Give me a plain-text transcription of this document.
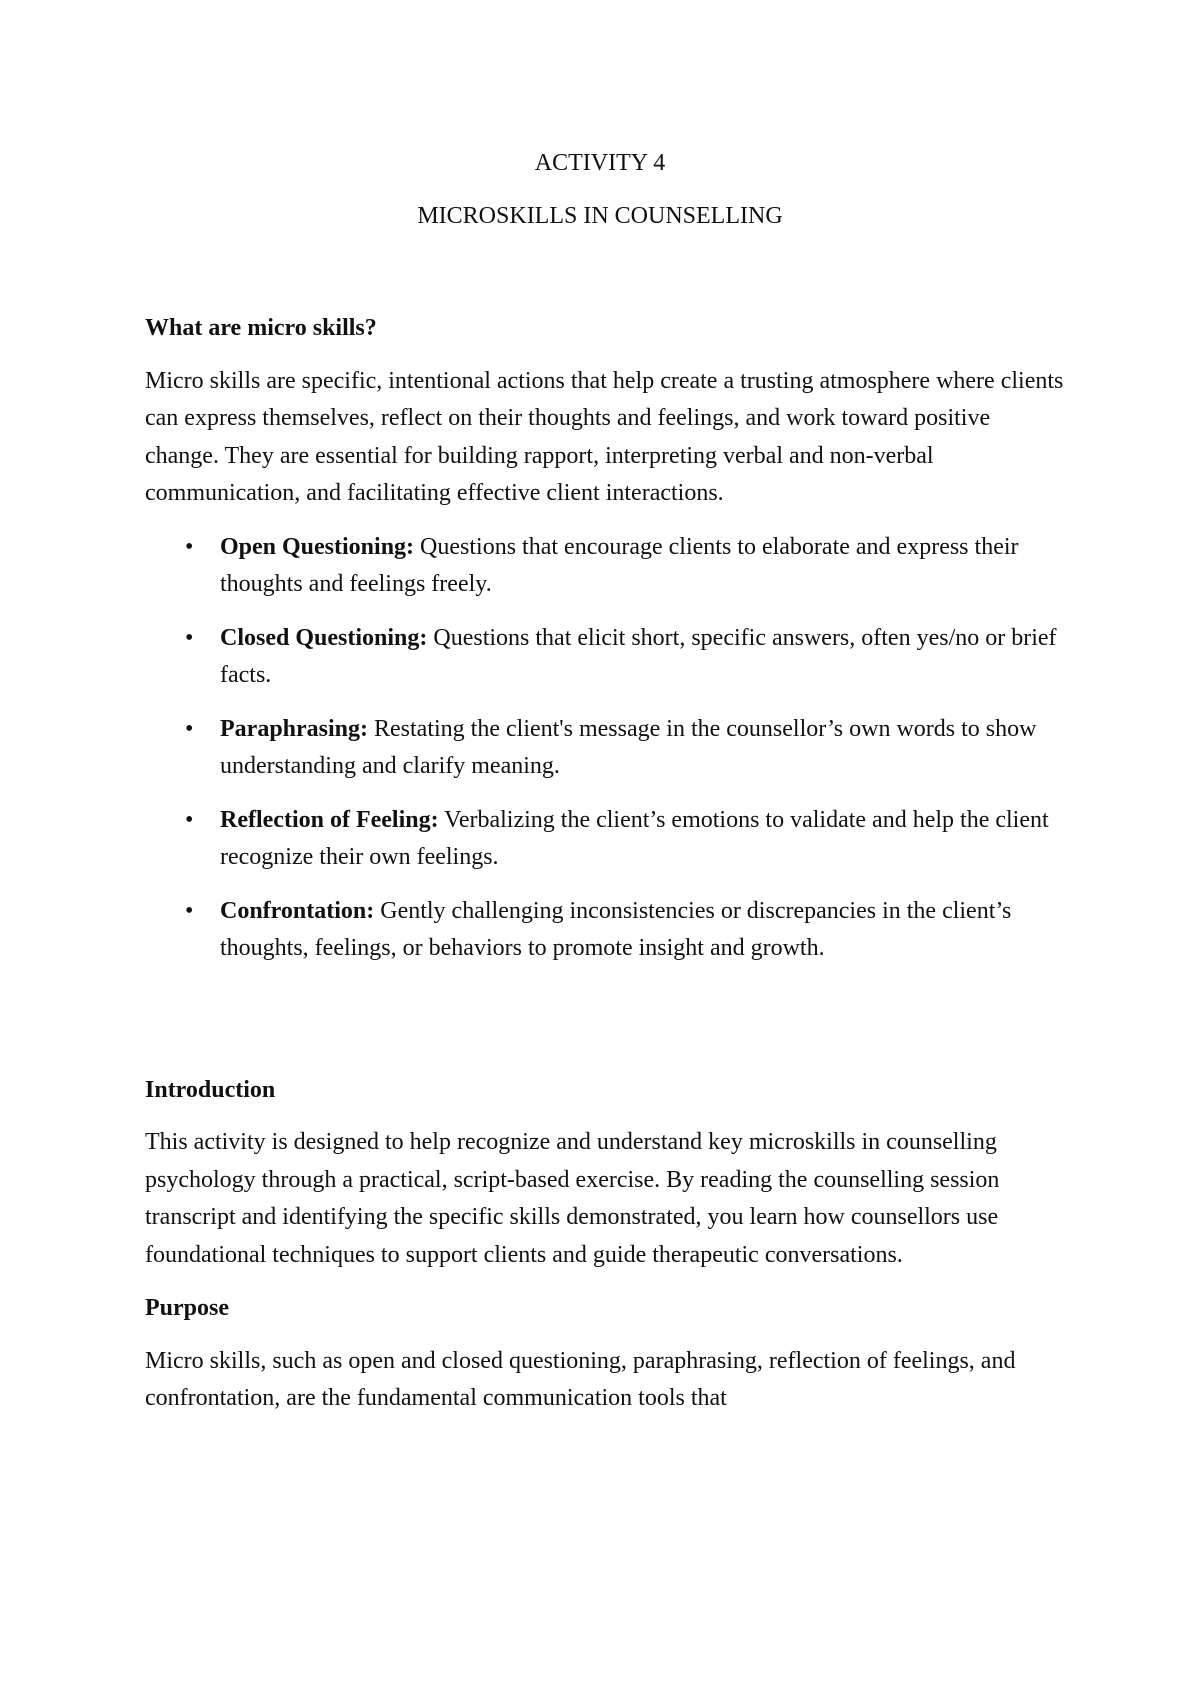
ACTIVITY 4
MICROSKILLS IN COUNSELLING
What are micro skills?
Micro skills are specific, intentional actions that help create a trusting atmosphere where clients can express themselves, reflect on their thoughts and feelings, and work toward positive change. They are essential for building rapport, interpreting verbal and non-verbal communication, and facilitating effective client interactions.
• Open Questioning: Questions that encourage clients to elaborate and express their thoughts and feelings freely.
• Closed Questioning: Questions that elicit short, specific answers, often yes/no or brief facts.
• Paraphrasing: Restating the client's message in the counsellor’s own words to show understanding and clarify meaning.
• Reflection of Feeling: Verbalizing the client’s emotions to validate and help the client recognize their own feelings.
• Confrontation: Gently challenging inconsistencies or discrepancies in the client’s thoughts, feelings, or behaviors to promote insight and growth.
Introduction
This activity is designed to help recognize and understand key microskills in counselling psychology through a practical, script-based exercise. By reading the counselling session transcript and identifying the specific skills demonstrated, you learn how counsellors use foundational techniques to support clients and guide therapeutic conversations.
Purpose
Micro skills, such as open and closed questioning, paraphrasing, reflection of feelings, and confrontation, are the fundamental communication tools that
